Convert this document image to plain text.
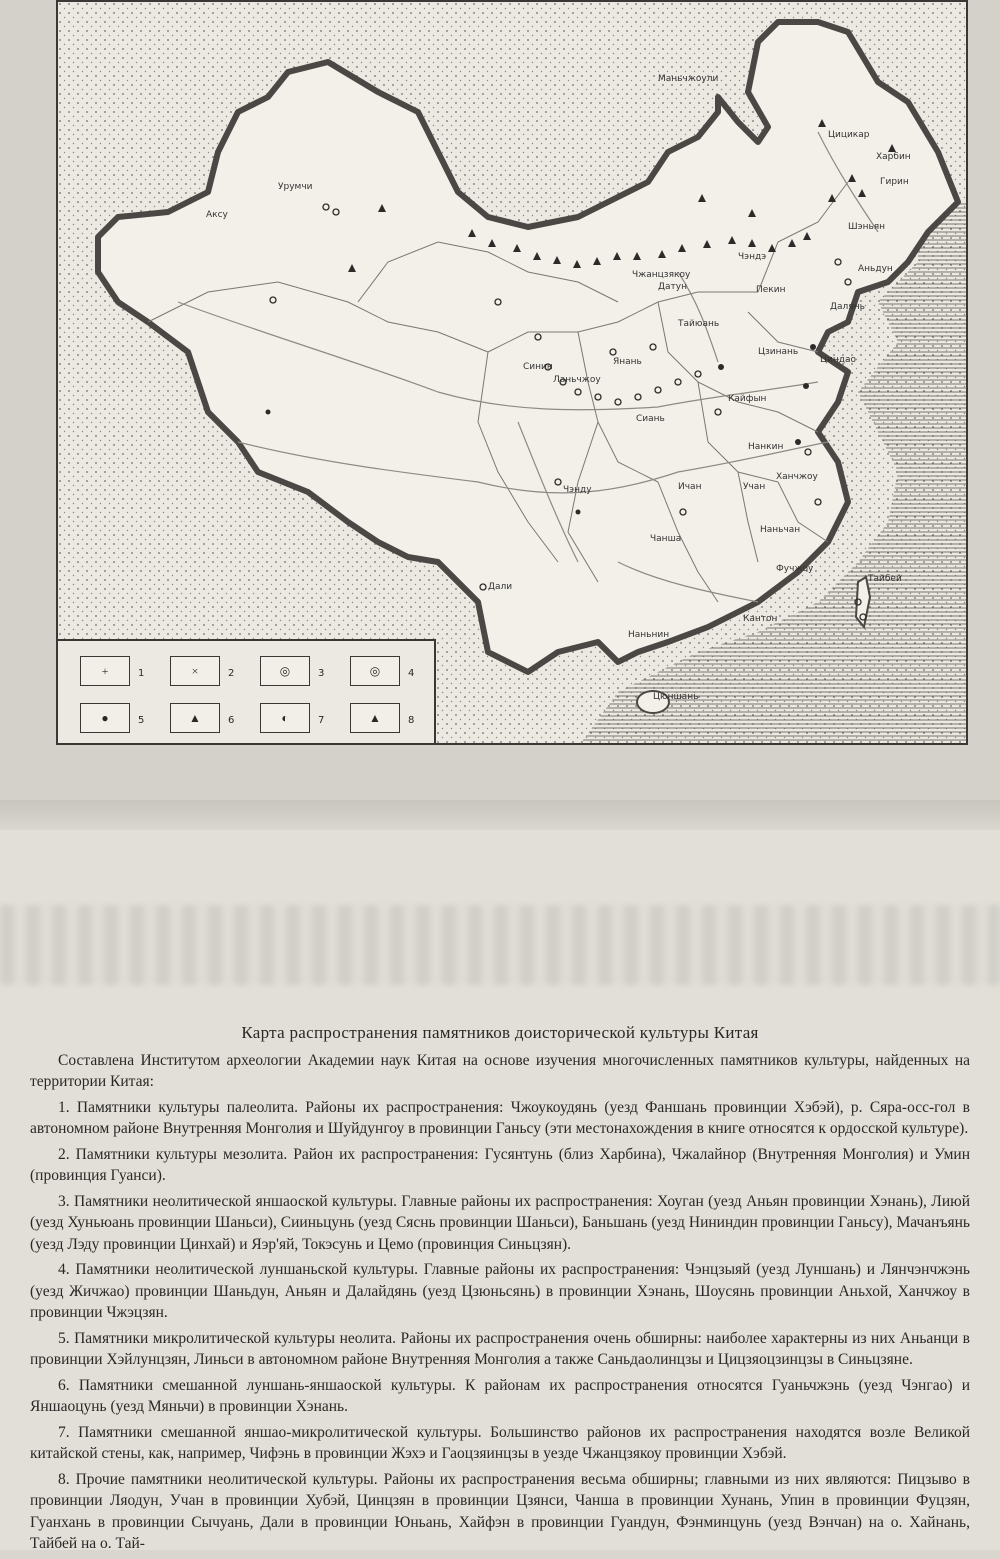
Маньчжоули
Цицикар
Харбин
Гирин
Урумчи
Аксу
Шэньян
Чэндэ
Аньдун
Чжанцзякоу
Датун	Пекин
Далянь
Тайюань
Цзинань
Циндао
Синин
Ланьчжоу
Янань
Кайфын
Сиань
Нанкин
Ханчжоу
Ичан	Учан
Чэнду
Наньчан
Чанша
Фучжоу
Тайбей
Дали
Кантон
Наньнин
Цюншань
+	1	×	2	◎	3	◎	4
●	5	▲	6	◐	7	▲	8
Карта распространения памятников доисторической культуры Китая

Составлена Институтом археологии Академии наук Китая на основе изучения многочисленных памятников культуры, найденных на территории Китая:

1. Памятники культуры палеолита. Районы их распространения: Чжоукоудянь (уезд Фаншань провинции Хэбэй), р. Сяра-осс-гол в автономном районе Внутренняя Монголия и Шуйдунгоу в провинции Ганьсу (эти местонахождения в книге относятся к ордосской культуре).

2. Памятники культуры мезолита. Район их распространения: Гусянтунь (близ Харбина), Чжалайнор (Внутренняя Монголия) и Умин (провинция Гуанси).

3. Памятники неолитической яншаоской культуры. Главные районы их распространения: Хоуган (уезд Аньян провинции Хэнань), Лиюй (уезд Хуньюань провинции Шаньси), Сииньцунь (уезд Сяснь провинции Шаньси), Баньшань (уезд Нининдин провинции Ганьсу), Мачанъянь (уезд Лэду провинции Цинхай) и Яэр'яй, Токэсунь и Цемо (провинция Синьцзян).

4. Памятники неолитической луншаньской культуры. Главные районы их распространения: Чэнцзыяй (уезд Луншань) и Лянчэнчжэнь (уезд Жичжао) провинции Шаньдун, Аньян и Далайдянь (уезд Цзюньсянь) в провинции Хэнань, Шоусянь провинции Аньхой, Ханчжоу в провинции Чжэцзян.

5. Памятники микролитической культуры неолита. Районы их распространения очень обширны: наиболее характерны из них Аньанци в провинции Хэйлунцзян, Линьси в автономном районе Внутренняя Монголия а также Саньдаолинцзы и Цицзяоцзинцзы в Синьцзяне.

6. Памятники смешанной луншань-яншаоской культуры. К районам их распространения относятся Гуаньчжэнь (уезд Чэнгао) и Яншаоцунь (уезд Мяньчи) в провинции Хэнань.

7. Памятники смешанной яншао-микролитической культуры. Большинство районов их распространения находятся возле Великой китайской стены, как, например, Чифэнь в провинции Жэхэ и Гаоцзяинцзы в уезде Чжанцзякоу провинции Хэбэй.

8. Прочие памятники неолитической культуры. Районы их распространения весьма обширны; главными из них являются: Пицзыво в провинции Ляодун, Учан в провинции Хубэй, Цинцзян в провинции Цзянси, Чанша в провинции Хунань, Упин в провинции Фуцзян, Гуанхань в провинции Сычуань, Дали в провинции Юньань, Хайфэн в провинции Гуандун, Фэнминцунь (уезд Вэнчан) на о. Хайнань, Тайбей на о. Тай-
